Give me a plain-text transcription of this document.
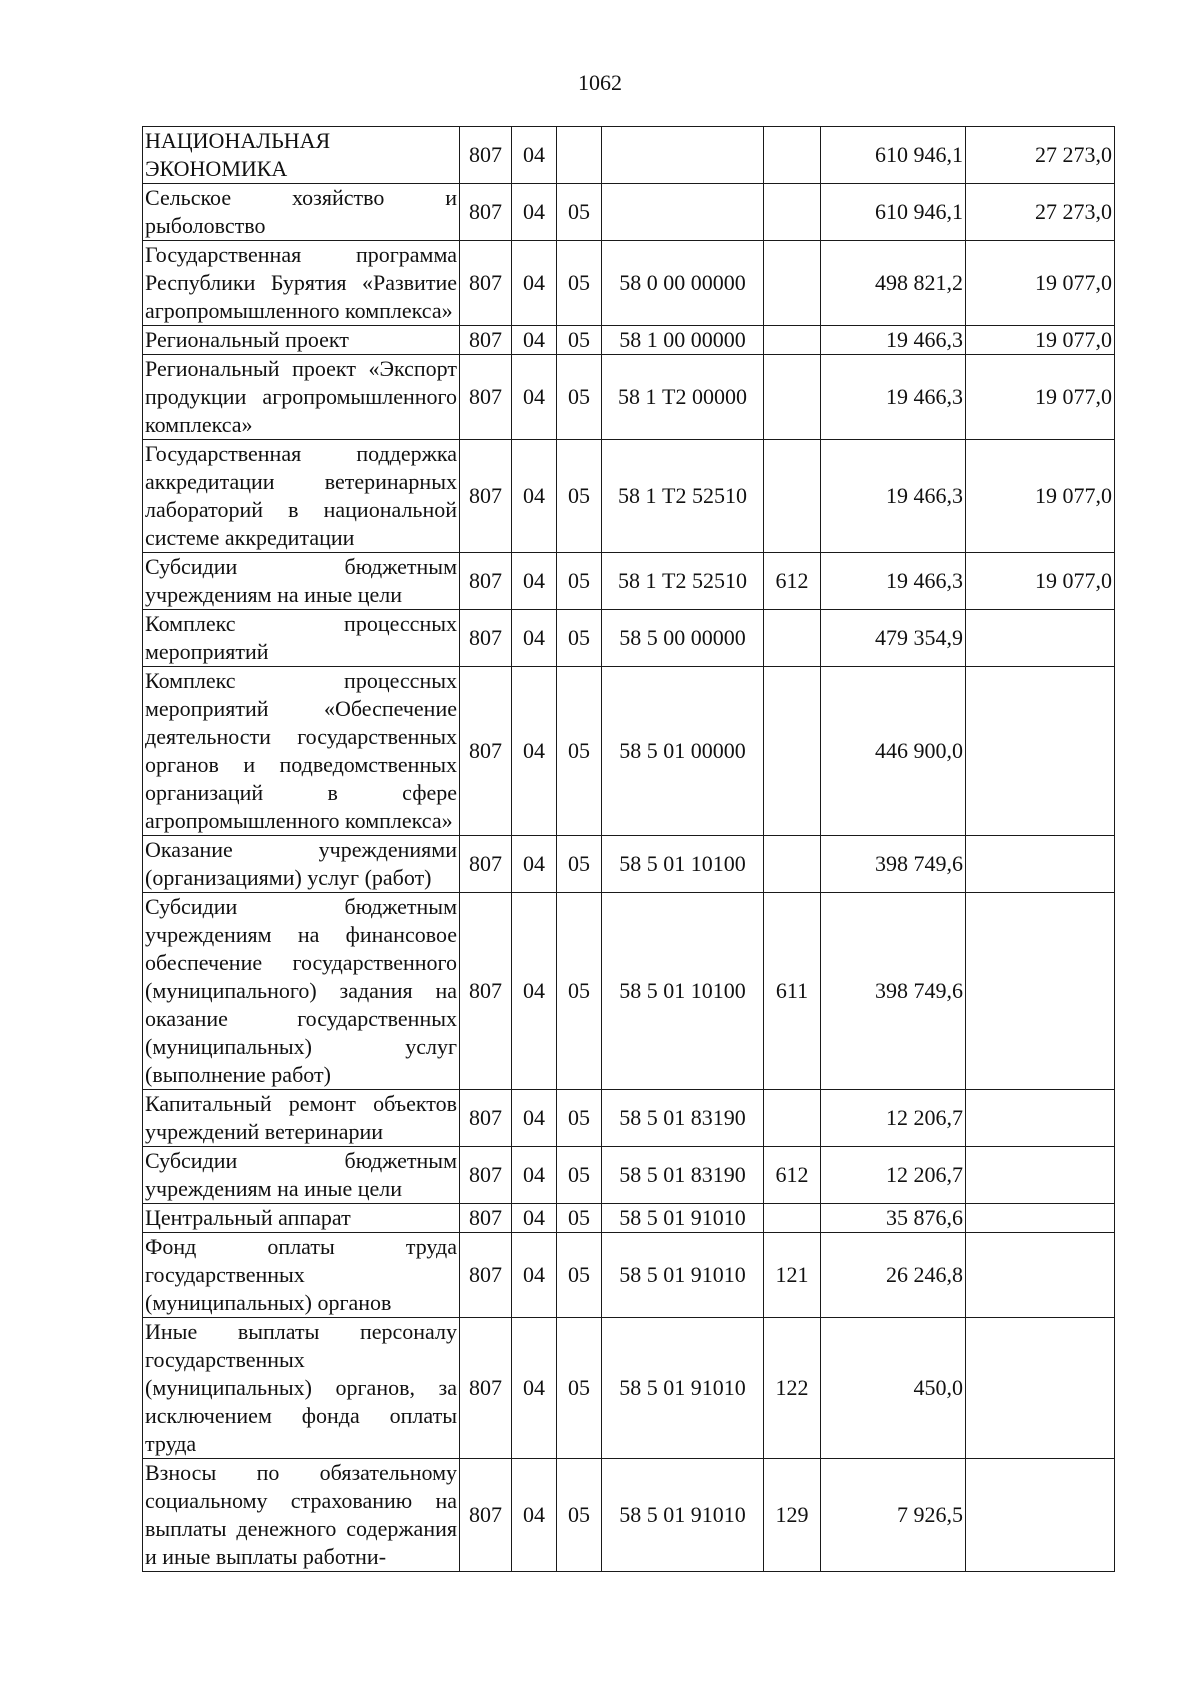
1062
НАЦИОНАЛЬНАЯ ЭКОНОМИКА	807	04				610 946,1	27 273,0
Сельское хозяйство и рыболовство	807	04	05			610 946,1	27 273,0
Государственная программа Республики Бурятия «Развитие агропромышленного комплекса»	807	04	05	58 0 00 00000		498 821,2	19 077,0
Региональный проект	807	04	05	58 1 00 00000		19 466,3	19 077,0
Региональный проект «Экспорт продукции агропромышленного комплекса»	807	04	05	58 1 Т2 00000		19 466,3	19 077,0
Государственная поддержка аккредитации ветеринарных лабораторий в национальной системе аккредитации	807	04	05	58 1 Т2 52510		19 466,3	19 077,0
Субсидии бюджетным учреждениям на иные цели	807	04	05	58 1 Т2 52510	612	19 466,3	19 077,0
Комплекс процессных мероприятий	807	04	05	58 5 00 00000		479 354,9	
Комплекс процессных мероприятий «Обеспечение деятельности государственных органов и подведомственных организаций в сфере агропромышленного комплекса»	807	04	05	58 5 01 00000		446 900,0	
Оказание учреждениями (организациями) услуг (работ)	807	04	05	58 5 01 10100		398 749,6	
Субсидии бюджетным учреждениям на финансовое обеспечение государственного (муниципального) задания на оказание государственных (муниципальных) услуг (выполнение работ)	807	04	05	58 5 01 10100	611	398 749,6	
Капитальный ремонт объектов учреждений ветеринарии	807	04	05	58 5 01 83190		12 206,7	
Субсидии бюджетным учреждениям на иные цели	807	04	05	58 5 01 83190	612	12 206,7	
Центральный аппарат	807	04	05	58 5 01 91010		35 876,6	
Фонд оплаты труда государственных (муниципальных) органов	807	04	05	58 5 01 91010	121	26 246,8	
Иные выплаты персоналу государственных (муниципальных) органов, за исключением фонда оплаты труда	807	04	05	58 5 01 91010	122	450,0	
Взносы по обязательному социальному страхованию на выплаты денежного содержания и иные выплаты работни-	807	04	05	58 5 01 91010	129	7 926,5	
